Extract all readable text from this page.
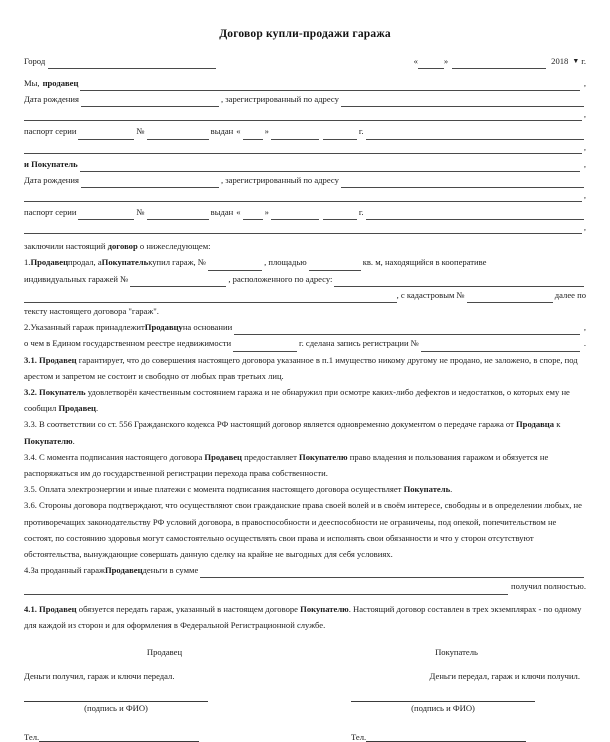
Договор купли-продажи гаража
Город	«	»	2018 ▼ г.
Мы, продавец	,
Дата рождения	, зарегистрированный по адресу
,
паспорт серии	№	выдан «	»	г.
,
и Покупатель	,
Дата рождения	, зарегистрированный по адресу
,
паспорт серии	№	выдан «	»	г.
,
заключили настоящий договор о нижеследующем:
1. Продавец продал, а Покупатель купил гараж, №	, площадью	кв. м, находящийся в кооперативе
индивидуальных гаражей №	, расположенного по адресу:
, с кадастровым №	далее по
тексту настоящего договора "гараж".
2. Указанный гараж принадлежит Продавцу на основании	,
о чем в Едином государственном реестре недвижимости	г. сделана запись регистрации №	.
3.1. Продавец гарантирует, что до совершения настоящего договора указанное в п.1 имущество никому другому не продано, не заложено, в споре, под арестом и запретом не состоит и свободно от любых прав третьих лиц.
3.2. Покупатель удовлетворён качественным состоянием гаража и не обнаружил при осмотре каких-либо дефектов и недостатков, о которых ему не сообщил Продавец.
3.3. В соответствии со ст. 556 Гражданского кодекса РФ настоящий договор является одновременно документом о передаче гаража от Продавца к Покупателю.
3.4. С момента подписания настоящего договора Продавец предоставляет Покупателю право владения и пользования гаражом и обязуется не распоряжаться им до государственной регистрации перехода права собственности.
3.5. Оплата электроэнергии и иные платежи с момента подписания настоящего договора осуществляет Покупатель.
3.6. Стороны договора подтверждают, что осуществляют свои гражданские права своей волей и в своём интересе, свободны и в определении любых, не противоречащих законодательству РФ условий договора, в правоспособности и дееспособности не ограничены, под опекой, попечительством не состоят, по состоянию здоровья могут самостоятельно осуществлять свои права и исполнять свои обязанности и что у сторон отсутствуют обстоятельства, вынуждающие совершать данную сделку на крайне не выгодных для себя условиях.
4. За проданный гараж Продавец деньги в сумме
получил полностью.
4.1. Продавец обязуется передать гараж, указанный в настоящем договоре Покупателю. Настоящий договор составлен в трех экземплярах - по одному для каждой из сторон и для оформления в Федеральной Регистрационной службе.
Продавец
Деньги получил, гараж и ключи передал.
(подпись и ФИО)
Тел.
Покупатель
Деньги передал, гараж и ключи получил.
(подпись и ФИО)
Тел.
